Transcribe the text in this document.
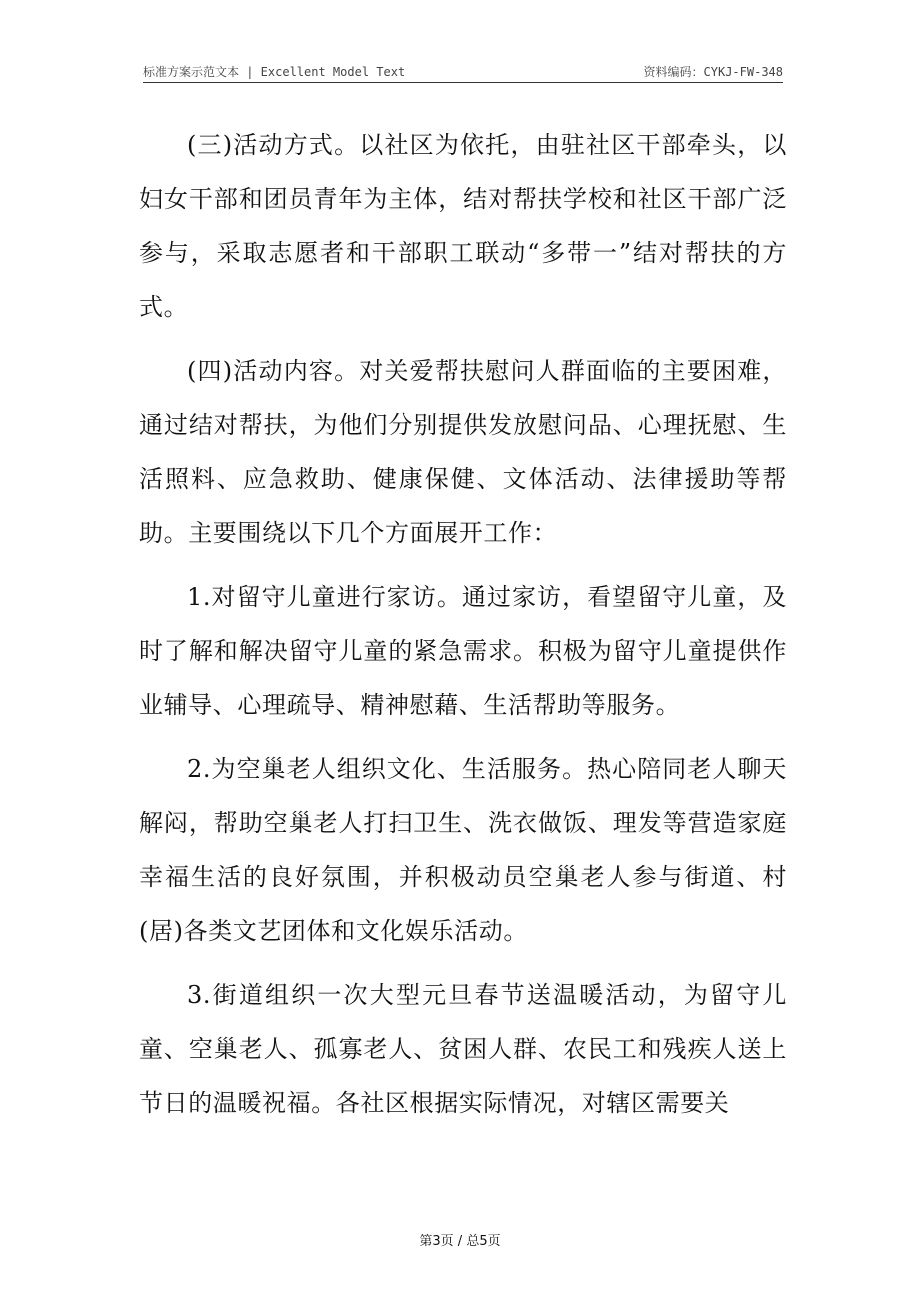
标准方案示范文本 | Excellent Model Text	资料编码：CYKJ-FW-348

(三)活动方式。以社区为依托，由驻社区干部牵头，以妇女干部和团员青年为主体，结对帮扶学校和社区干部广泛参与，采取志愿者和干部职工联动“多带一”结对帮扶的方式。

(四)活动内容。对关爱帮扶慰问人群面临的主要困难，通过结对帮扶，为他们分别提供发放慰问品、心理抚慰、生活照料、应急救助、健康保健、文体活动、法律援助等帮助。主要围绕以下几个方面展开工作：

1.对留守儿童进行家访。通过家访，看望留守儿童，及时了解和解决留守儿童的紧急需求。积极为留守儿童提供作业辅导、心理疏导、精神慰藉、生活帮助等服务。

2.为空巢老人组织文化、生活服务。热心陪同老人聊天解闷，帮助空巢老人打扫卫生、洗衣做饭、理发等营造家庭幸福生活的良好氛围，并积极动员空巢老人参与街道、村(居)各类文艺团体和文化娱乐活动。

3.街道组织一次大型元旦春节送温暖活动，为留守儿童、空巢老人、孤寡老人、贫困人群、农民工和残疾人送上节日的温暖祝福。各社区根据实际情况，对辖区需要关

第3页 / 总5页
